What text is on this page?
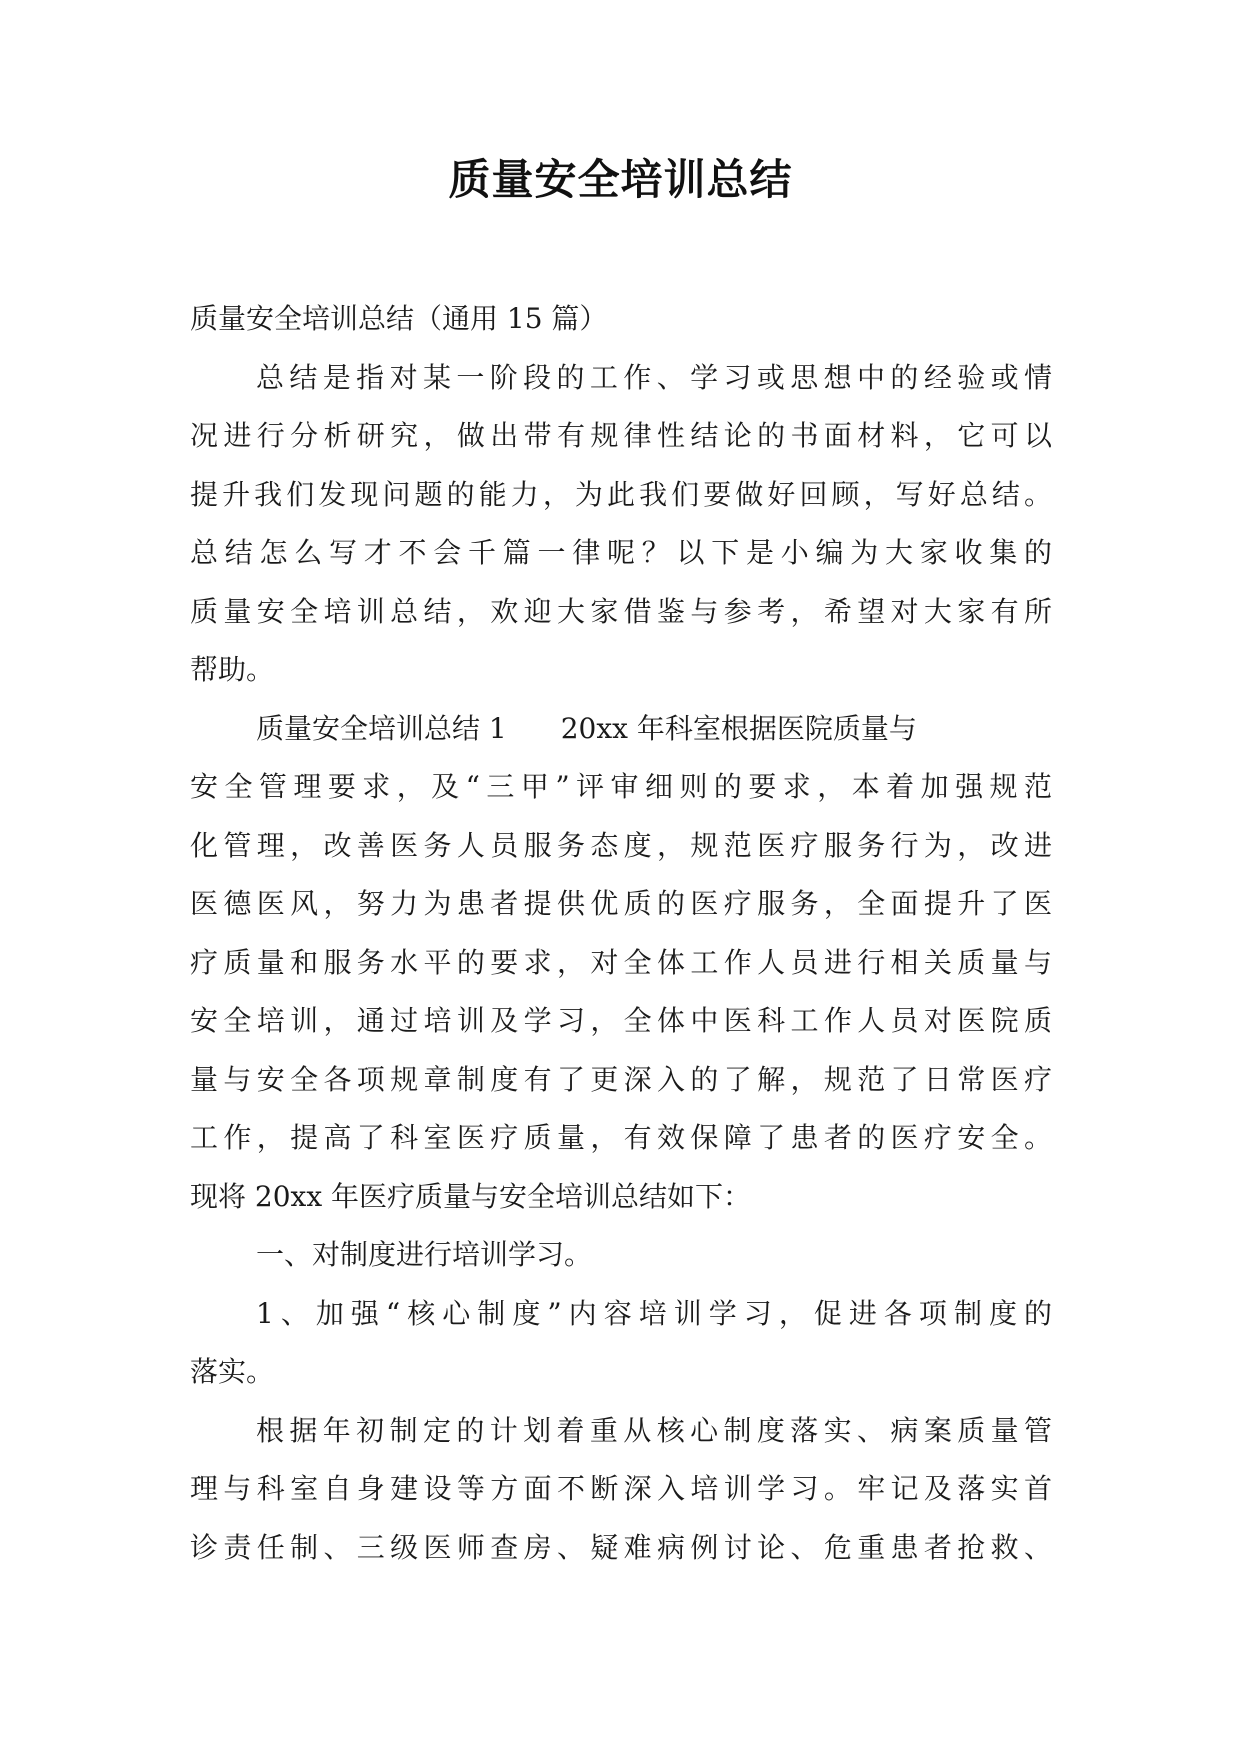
质量安全培训总结
质量安全培训总结（通用 15 篇）
总结是指对某一阶段的工作、学习或思想中的经验或情
况进行分析研究，做出带有规律性结论的书面材料，它可以
提升我们发现问题的能力，为此我们要做好回顾，写好总结。
总结怎么写才不会千篇一律呢？以下是小编为大家收集的
质量安全培训总结，欢迎大家借鉴与参考，希望对大家有所
帮助。
质量安全培训总结 1 20xx 年科室根据医院质量与
安全管理要求，及“三甲”评审细则的要求，本着加强规范
化管理，改善医务人员服务态度，规范医疗服务行为，改进
医德医风，努力为患者提供优质的医疗服务，全面提升了医
疗质量和服务水平的要求，对全体工作人员进行相关质量与
安全培训，通过培训及学习，全体中医科工作人员对医院质
量与安全各项规章制度有了更深入的了解，规范了日常医疗
工作，提高了科室医疗质量，有效保障了患者的医疗安全。
现将 20xx 年医疗质量与安全培训总结如下：
一、对制度进行培训学习。
1、加强“核心制度”内容培训学习，促进各项制度的
落实。
根据年初制定的计划着重从核心制度落实、病案质量管
理与科室自身建设等方面不断深入培训学习。牢记及落实首
诊责任制、三级医师查房、疑难病例讨论、危重患者抢救、
